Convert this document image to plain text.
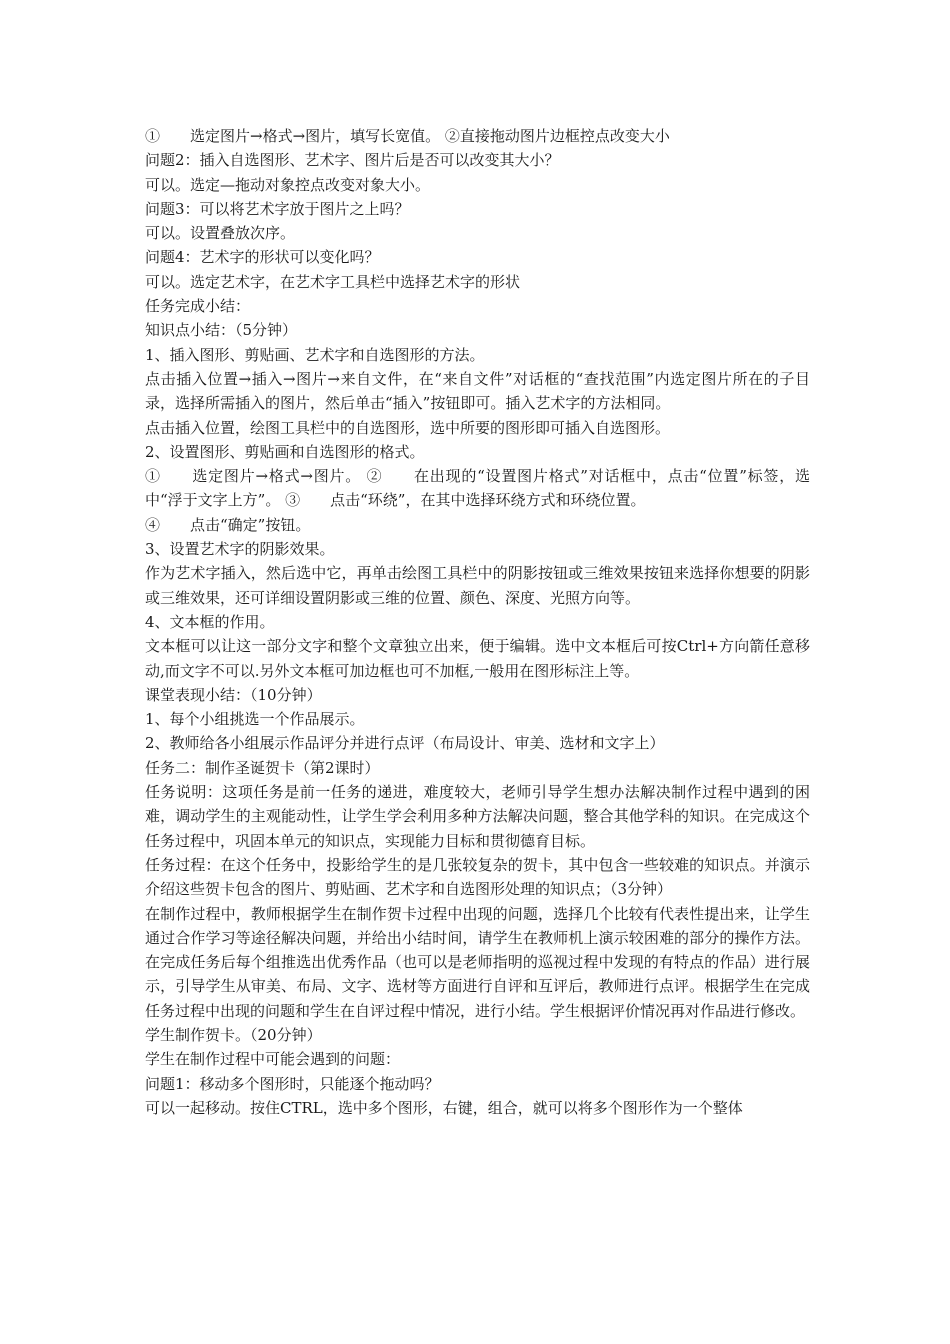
①　　选定图片→格式→图片，填写长宽值。 ②直接拖动图片边框控点改变大小

问题2：插入自选图形、艺术字、图片后是否可以改变其大小？

可以。选定—拖动对象控点改变对象大小。

问题3：可以将艺术字放于图片之上吗？

可以。设置叠放次序。

问题4：艺术字的形状可以变化吗？

可以。选定艺术字，在艺术字工具栏中选择艺术字的形状

任务完成小结：

知识点小结：（5分钟）

1、插入图形、剪贴画、艺术字和自选图形的方法。

点击插入位置→插入→图片→来自文件，在“来自文件”对话框的“查找范围”内选定图片所在的子目录，选择所需插入的图片，然后单击“插入”按钮即可。插入艺术字的方法相同。

点击插入位置，绘图工具栏中的自选图形，选中所要的图形即可插入自选图形。

2、设置图形、剪贴画和自选图形的格式。

①　　选定图片→格式→图片。 ②　　在出现的“设置图片格式”对话框中，点击“位置”标签，选中“浮于文字上方”。 ③　　点击“环绕”，在其中选择环绕方式和环绕位置。

④　　点击“确定”按钮。

3、设置艺术字的阴影效果。

作为艺术字插入，然后选中它，再单击绘图工具栏中的阴影按钮或三维效果按钮来选择你想要的阴影或三维效果，还可详细设置阴影或三维的位置、颜色、深度、光照方向等。

4、文本框的作用。

文本框可以让这一部分文字和整个文章独立出来，便于编辑。选中文本框后可按Ctrl+方向箭任意移动,而文字不可以.另外文本框可加边框也可不加框,一般用在图形标注上等。

课堂表现小结：（10分钟）

1、每个小组挑选一个作品展示。

2、教师给各小组展示作品评分并进行点评（布局设计、审美、选材和文字上）

任务二：制作圣诞贺卡（第2课时）

任务说明：这项任务是前一任务的递进，难度较大，老师引导学生想办法解决制作过程中遇到的困难，调动学生的主观能动性，让学生学会利用多种方法解决问题，整合其他学科的知识。在完成这个任务过程中，巩固本单元的知识点，实现能力目标和贯彻德育目标。

任务过程：在这个任务中，投影给学生的是几张较复杂的贺卡，其中包含一些较难的知识点。并演示介绍这些贺卡包含的图片、剪贴画、艺术字和自选图形处理的知识点；（3分钟）

在制作过程中，教师根据学生在制作贺卡过程中出现的问题，选择几个比较有代表性提出来，让学生通过合作学习等途径解决问题，并给出小结时间，请学生在教师机上演示较困难的部分的操作方法。在完成任务后每个组推选出优秀作品（也可以是老师指明的巡视过程中发现的有特点的作品）进行展示，引导学生从审美、布局、文字、选材等方面进行自评和互评后，教师进行点评。根据学生在完成任务过程中出现的问题和学生在自评过程中情况，进行小结。学生根据评价情况再对作品进行修改。

学生制作贺卡。（20分钟）

学生在制作过程中可能会遇到的问题：

问题1：移动多个图形时，只能逐个拖动吗？

可以一起移动。按住CTRL，选中多个图形，右键，组合，就可以将多个图形作为一个整体
